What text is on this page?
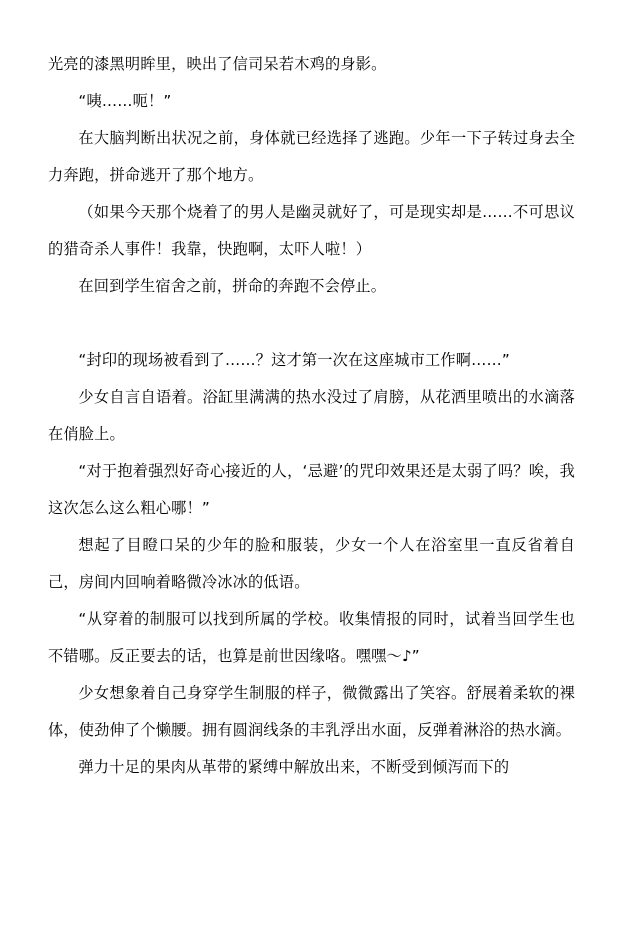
光亮的漆黑明眸里，映出了信司呆若木鸡的身影。

“咦……呃！”

在大脑判断出状况之前，身体就已经选择了逃跑。少年一下子转过身去全力奔跑，拼命逃开了那个地方。

（如果今天那个烧着了的男人是幽灵就好了，可是现实却是……不可思议的猎奇杀人事件！我靠，快跑啊，太吓人啦！）

在回到学生宿舍之前，拼命的奔跑不会停止。

“封印的现场被看到了……？这才第一次在这座城市工作啊……”

少女自言自语着。浴缸里满满的热水没过了肩膀，从花洒里喷出的水滴落在俏脸上。

“对于抱着强烈好奇心接近的人，‘忌避’的咒印效果还是太弱了吗？唉，我这次怎么这么粗心哪！”

想起了目瞪口呆的少年的脸和服装，少女一个人在浴室里一直反省着自己，房间内回响着略微冷冰冰的低语。

“从穿着的制服可以找到所属的学校。收集情报的同时，试着当回学生也不错哪。反正要去的话，也算是前世因缘咯。嘿嘿～♪”

少女想象着自己身穿学生制服的样子，微微露出了笑容。舒展着柔软的裸体，使劲伸了个懒腰。拥有圆润线条的丰乳浮出水面，反弹着淋浴的热水滴。

弹力十足的果肉从革带的紧缚中解放出来，不断受到倾泻而下的
